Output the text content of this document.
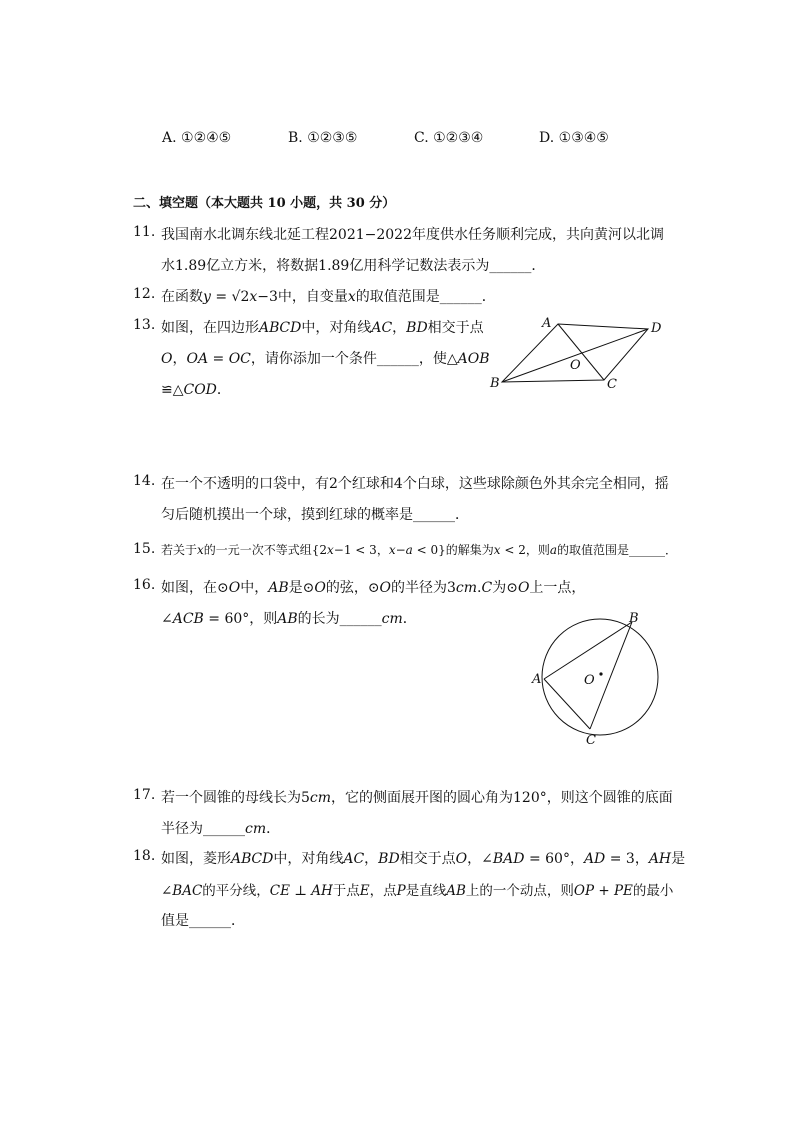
A. ①②④⑤	B. ①②③⑤	C. ①②③④	D. ①③④⑤
二、填空题（本大题共 10 小题，共 30 分）
11. 我国南水北调东线北延工程2021−2022年度供水任务顺利完成，共向黄河以北调
水1.89亿立方米，将数据1.89亿用科学记数法表示为______．
12. 在函数𝑦 = √2𝑥−3中，自变量𝑥的取值范围是______．
13. 如图，在四边形𝐴𝐵𝐶𝐷中，对角线𝐴𝐶，𝐵𝐷相交于点
𝑂，𝑂𝐴 = 𝑂𝐶，请你添加一个条件______，使△𝐴𝑂𝐵
≌△𝐶𝑂𝐷．
A	D
C
B
O
14. 在一个不透明的口袋中，有2个红球和4个白球，这些球除颜色外其余完全相同，摇
匀后随机摸出一个球，摸到红球的概率是______．
15. 若关于𝑥的一元一次不等式组{2𝑥−1 < 3，𝑥−𝑎 < 0}的解集为𝑥 < 2，则𝑎的取值范围是______．
16. 如图，在⊙𝑂中，𝐴𝐵是⊙𝑂的弦，⊙𝑂的半径为3𝑐𝑚.𝐶为⊙𝑂上一点，
∠𝐴𝐶𝐵 = 60°，则𝐴𝐵的长为______𝑐𝑚．
A
B
C
O
17. 若一个圆锥的母线长为5𝑐𝑚，它的侧面展开图的圆心角为120°，则这个圆锥的底面
半径为______𝑐𝑚．
18. 如图，菱形𝐴𝐵𝐶𝐷中，对角线𝐴𝐶，𝐵𝐷相交于点𝑂，∠𝐵𝐴𝐷 = 60°，𝐴𝐷 = 3，𝐴𝐻是
∠𝐵𝐴𝐶的平分线，𝐶𝐸 ⊥ 𝐴𝐻于点𝐸，点𝑃是直线𝐴𝐵上的一个动点，则𝑂𝑃 + 𝑃𝐸的最小
值是______．
